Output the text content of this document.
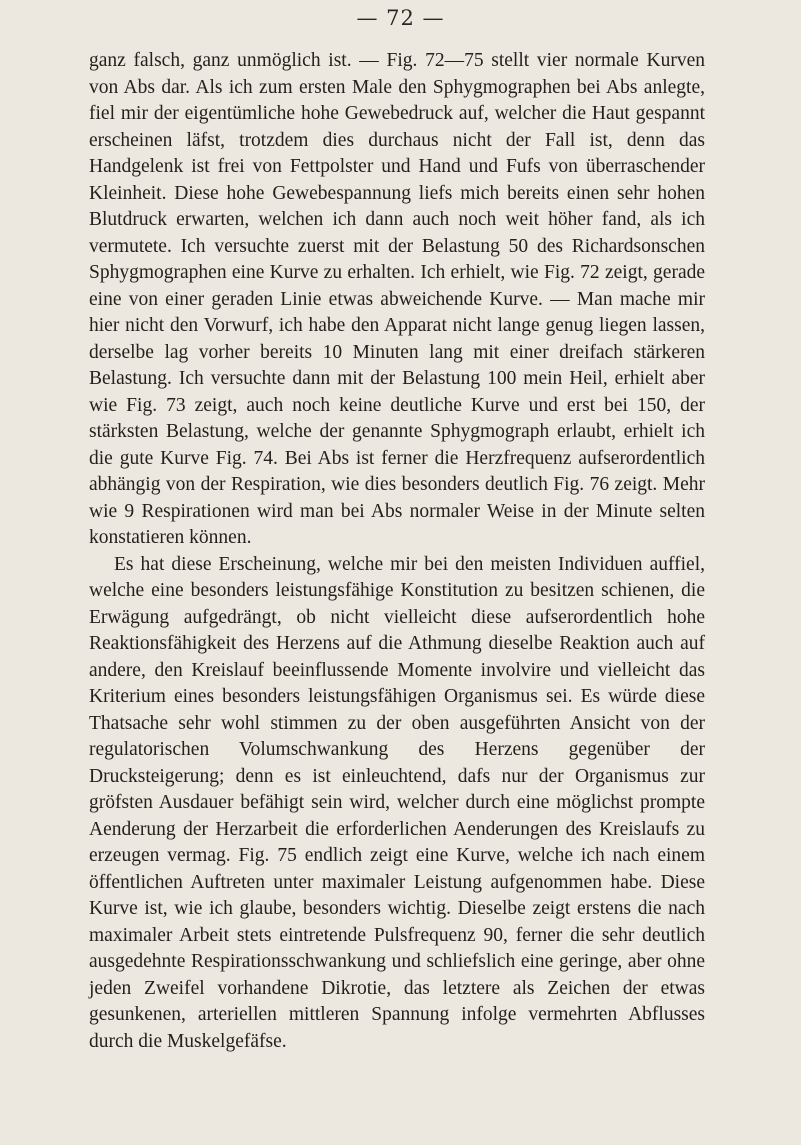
— 72 —

ganz falsch, ganz unmöglich ist. — Fig. 72—75 stellt vier normale Kurven von Abs dar. Als ich zum ersten Male den Sphygmographen bei Abs anlegte, fiel mir der eigentümliche hohe Gewebedruck auf, welcher die Haut gespannt erscheinen läfst, trotzdem dies durchaus nicht der Fall ist, denn das Handgelenk ist frei von Fettpolster und Hand und Fufs von überraschender Kleinheit. Diese hohe Gewebespannung liefs mich bereits einen sehr hohen Blutdruck erwarten, welchen ich dann auch noch weit höher fand, als ich vermutete. Ich versuchte zuerst mit der Belastung 50 des Richardsonschen Sphygmographen eine Kurve zu erhalten. Ich erhielt, wie Fig. 72 zeigt, gerade eine von einer geraden Linie etwas abweichende Kurve. — Man mache mir hier nicht den Vorwurf, ich habe den Apparat nicht lange genug liegen lassen, derselbe lag vorher bereits 10 Minuten lang mit einer dreifach stärkeren Belastung. Ich versuchte dann mit der Belastung 100 mein Heil, erhielt aber wie Fig. 73 zeigt, auch noch keine deutliche Kurve und erst bei 150, der stärksten Belastung, welche der genannte Sphygmograph erlaubt, erhielt ich die gute Kurve Fig. 74. Bei Abs ist ferner die Herzfrequenz aufserordentlich abhängig von der Respiration, wie dies besonders deutlich Fig. 76 zeigt. Mehr wie 9 Respirationen wird man bei Abs normaler Weise in der Minute selten konstatieren können.

Es hat diese Erscheinung, welche mir bei den meisten Individuen auffiel, welche eine besonders leistungsfähige Konstitution zu besitzen schienen, die Erwägung aufgedrängt, ob nicht vielleicht diese aufserordentlich hohe Reaktionsfähigkeit des Herzens auf die Athmung dieselbe Reaktion auch auf andere, den Kreislauf beeinflussende Momente involvire und vielleicht das Kriterium eines besonders leistungsfähigen Organismus sei. Es würde diese Thatsache sehr wohl stimmen zu der oben ausgeführten Ansicht von der regulatorischen Volumschwankung des Herzens gegenüber der Drucksteigerung; denn es ist einleuchtend, dafs nur der Organismus zur gröfsten Ausdauer befähigt sein wird, welcher durch eine möglichst prompte Aenderung der Herzarbeit die erforderlichen Aenderungen des Kreislaufs zu erzeugen vermag. Fig. 75 endlich zeigt eine Kurve, welche ich nach einem öffentlichen Auftreten unter maximaler Leistung aufgenommen habe. Diese Kurve ist, wie ich glaube, besonders wichtig. Dieselbe zeigt erstens die nach maximaler Arbeit stets eintretende Pulsfrequenz 90, ferner die sehr deutlich ausgedehnte Respirationsschwankung und schliefslich eine geringe, aber ohne jeden Zweifel vorhandene Dikrotie, das letztere als Zeichen der etwas gesunkenen, arteriellen mittleren Spannung infolge vermehrten Abflusses durch die Muskelgefäfse.
